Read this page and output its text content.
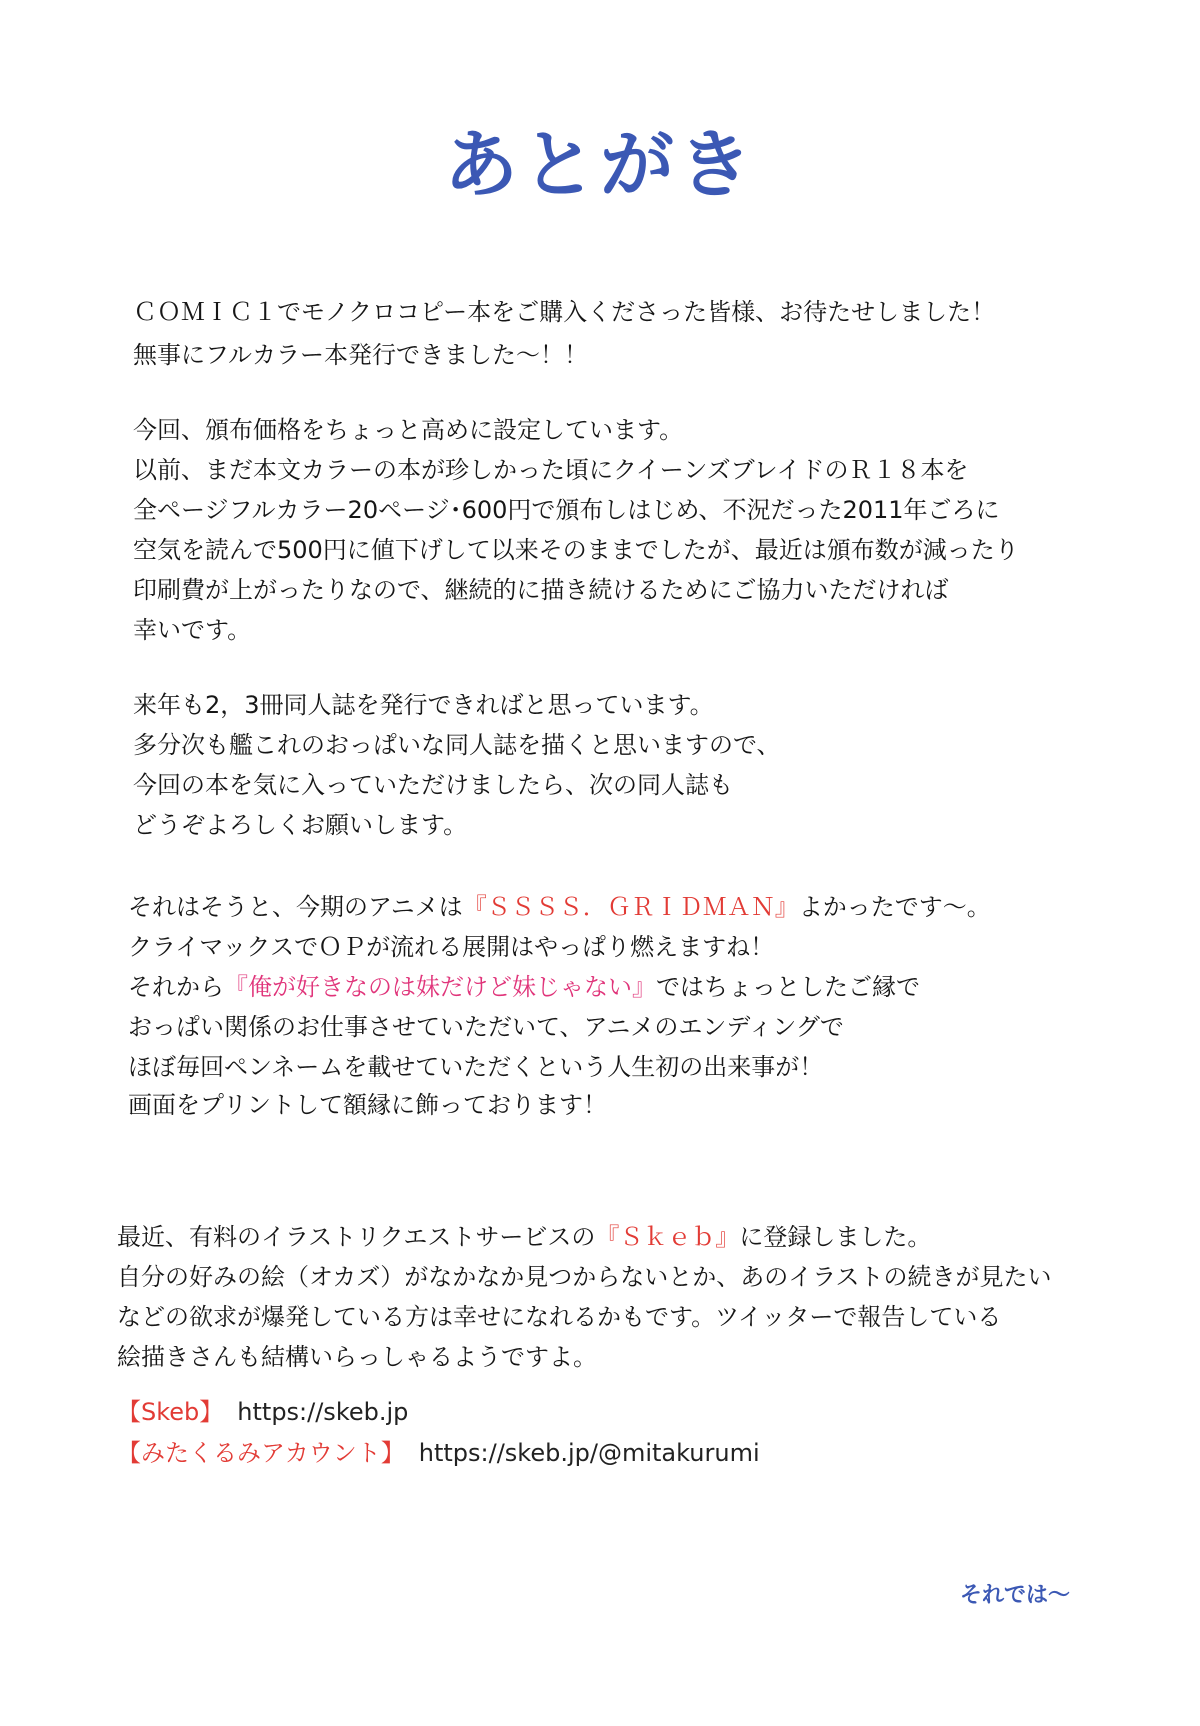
あとがき
ＣＯＭＩＣ１でモノクロコピー本をご購入くださった皆様、お待たせしました！
無事にフルカラー本発行できました～！！
今回、頒布価格をちょっと高めに設定しています。
以前、まだ本文カラーの本が珍しかった頃にクイーンズブレイドのＲ１８本を
全ページフルカラー20ページ･600円で頒布しはじめ、不況だった2011年ごろに
空気を読んで500円に値下げして以来そのままでしたが、最近は頒布数が減ったり
印刷費が上がったりなので、継続的に描き続けるためにご協力いただければ
幸いです。
来年も2，3冊同人誌を発行できればと思っています。
多分次も艦これのおっぱいな同人誌を描くと思いますので、
今回の本を気に入っていただけましたら、次の同人誌も
どうぞよろしくお願いします。
それはそうと、今期のアニメは『ＳＳＳＳ．ＧＲＩＤＭＡＮ』よかったです～。
クライマックスでＯＰが流れる展開はやっぱり燃えますね！
それから『俺が好きなのは妹だけど妹じゃない』ではちょっとしたご縁で
おっぱい関係のお仕事させていただいて、アニメのエンディングで
ほぼ毎回ペンネームを載せていただくという人生初の出来事が！
画面をプリントして額縁に飾っております！
最近、有料のイラストリクエストサービスの『Ｓｋｅｂ』に登録しました。
自分の好みの絵（オカズ）がなかなか見つからないとか、あのイラストの続きが見たい
などの欲求が爆発している方は幸せになれるかもです。ツイッターで報告している
絵描きさんも結構いらっしゃるようですよ。
【Skeb】 https://skeb.jp
【みたくるみアカウント】 https://skeb.jp/@mitakurumi
それでは～
